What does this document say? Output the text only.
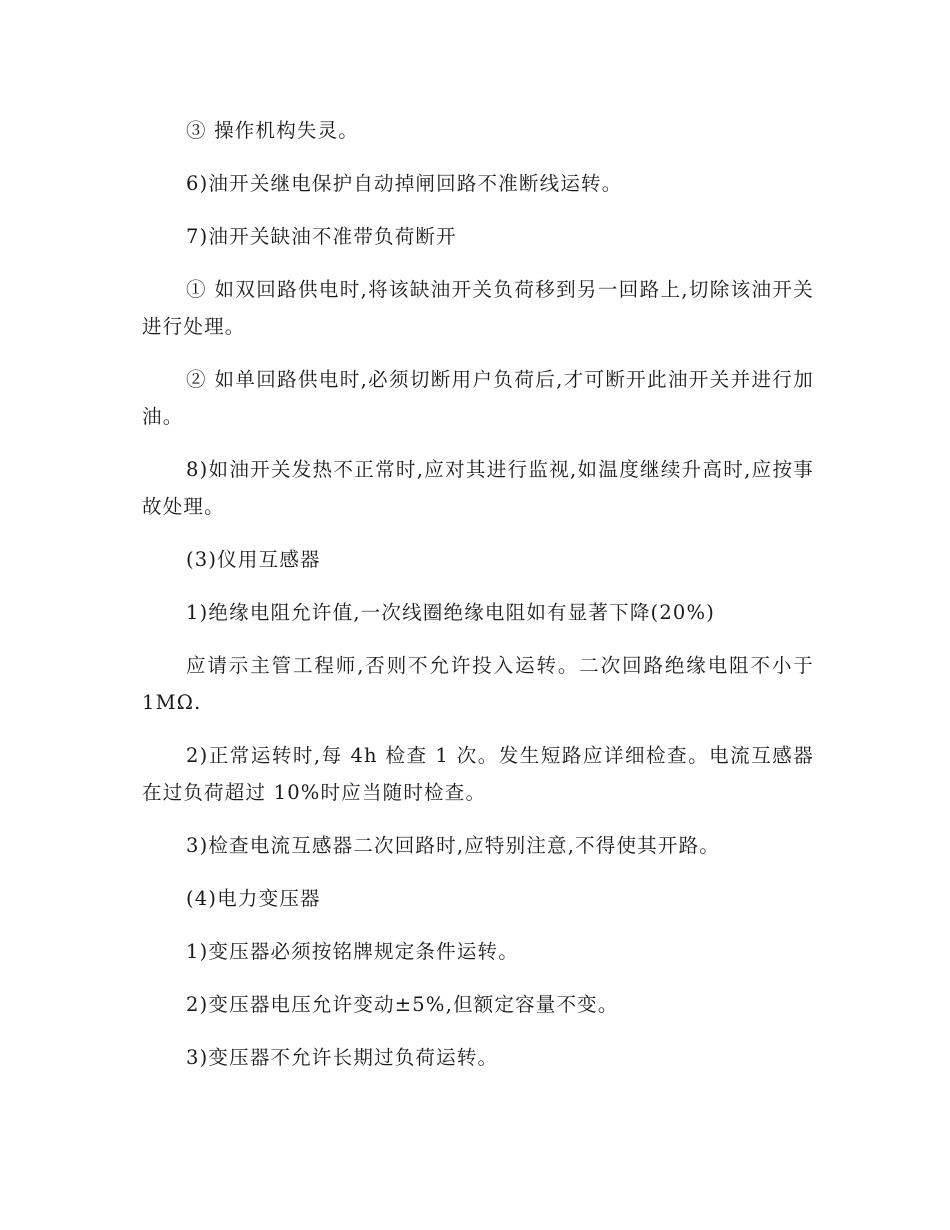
③ 操作机构失灵。

6)油开关继电保护自动掉闸回路不准断线运转。

7)油开关缺油不准带负荷断开

① 如双回路供电时,将该缺油开关负荷移到另一回路上,切除该油开关进行处理。

② 如单回路供电时,必须切断用户负荷后,才可断开此油开关并进行加油。

8)如油开关发热不正常时,应对其进行监视,如温度继续升高时,应按事故处理。

(3)仪用互感器

1)绝缘电阻允许值,一次线圈绝缘电阻如有显著下降(20%)

应请示主管工程师,否则不允许投入运转。二次回路绝缘电阻不小于 1MΩ.

2)正常运转时,每 4h 检查 1 次。发生短路应详细检查。电流互感器在过负荷超过 10%时应当随时检查。

3)检查电流互感器二次回路时,应特别注意,不得使其开路。

(4)电力变压器

1)变压器必须按铭牌规定条件运转。

2)变压器电压允许变动±5%,但额定容量不变。

3)变压器不允许长期过负荷运转。
